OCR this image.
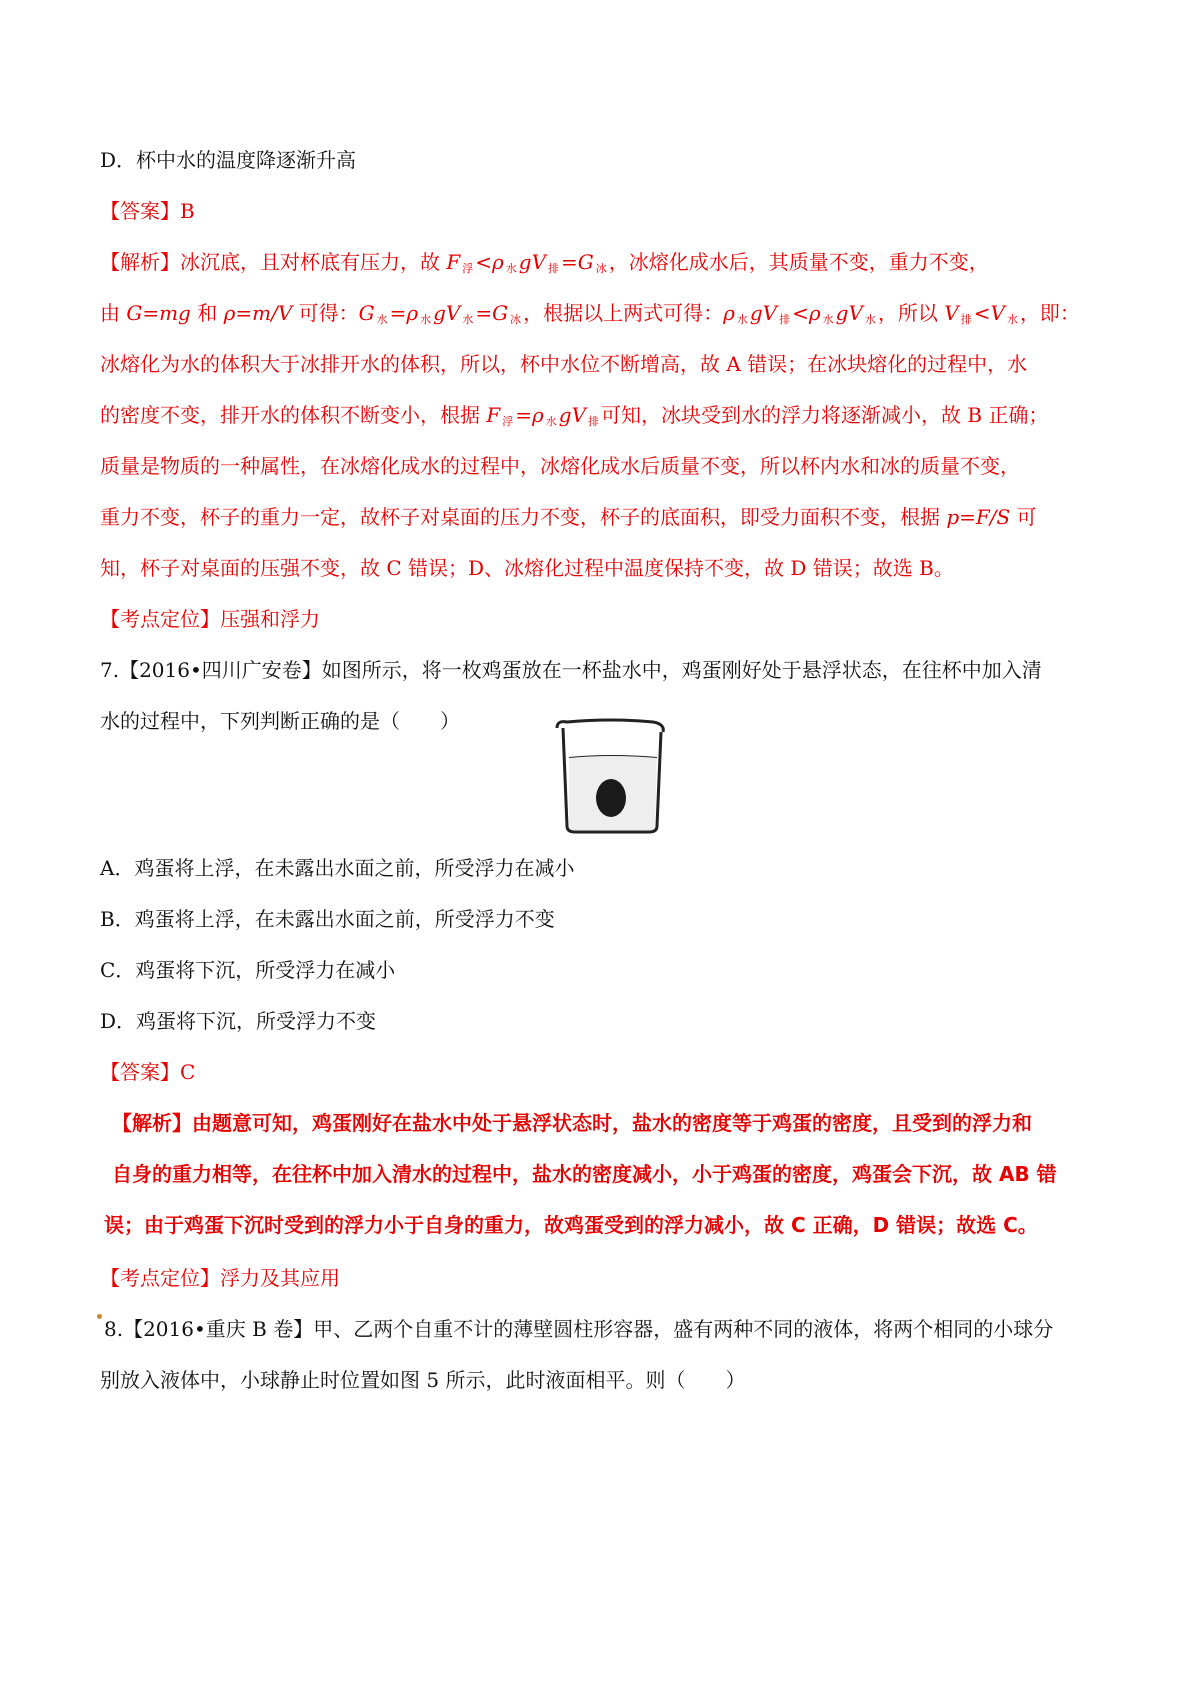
D．杯中水的温度降逐渐升高
【答案】B
【解析】冰沉底，且对杯底有压力，故 F $_浮$ <ρ $_水$ gV $_排$ =G $_冰$ ，冰熔化成水后，其质量不变，重力不变，
由 G=mg 和 ρ=m/V 可得：G $_水$ =ρ $_水$ gV $_水$ =G $_冰$ ，根据以上两式可得：ρ $_水$ gV $_排$ <ρ $_水$ gV $_水$ ，所以 V $_排$ <V $_水$ ，即：
冰熔化为水的体积大于冰排开水的体积，所以，杯中水位不断增高，故 A 错误；在冰块熔化的过程中，水
的密度不变，排开水的体积不断变小，根据 F $_浮$ =ρ $_水$ gV $_排$ 可知，冰块受到水的浮力将逐渐减小，故 B 正确；
质量是物质的一种属性，在冰熔化成水的过程中，冰熔化成水后质量不变，所以杯内水和冰的质量不变，
重力不变，杯子的重力一定，故杯子对桌面的压力不变，杯子的底面积，即受力面积不变，根据 p=F/S 可
知，杯子对桌面的压强不变，故 C 错误；D、冰熔化过程中温度保持不变，故 D 错误；故选 B。
【考点定位】压强和浮力
7.【2016•四川广安卷】如图所示，将一枚鸡蛋放在一杯盐水中，鸡蛋刚好处于悬浮状态，在往杯中加入清
水的过程中，下列判断正确的是（　　）
A．鸡蛋将上浮，在未露出水面之前，所受浮力在减小
B．鸡蛋将上浮，在未露出水面之前，所受浮力不变
C．鸡蛋将下沉，所受浮力在减小
D．鸡蛋将下沉，所受浮力不变
【答案】C
【解析】由题意可知，鸡蛋刚好在盐水中处于悬浮状态时，盐水的密度等于鸡蛋的密度，且受到的浮力和
自身的重力相等，在往杯中加入清水的过程中，盐水的密度减小，小于鸡蛋的密度，鸡蛋会下沉，故 AB 错
误；由于鸡蛋下沉时受到的浮力小于自身的重力，故鸡蛋受到的浮力减小，故 C 正确，D 错误；故选 C。
【考点定位】浮力及其应用
8.【2016•重庆 B 卷】甲、乙两个自重不计的薄壁圆柱形容器，盛有两种不同的液体，将两个相同的小球分
别放入液体中，小球静止时位置如图 5 所示，此时液面相平。则（　　）
